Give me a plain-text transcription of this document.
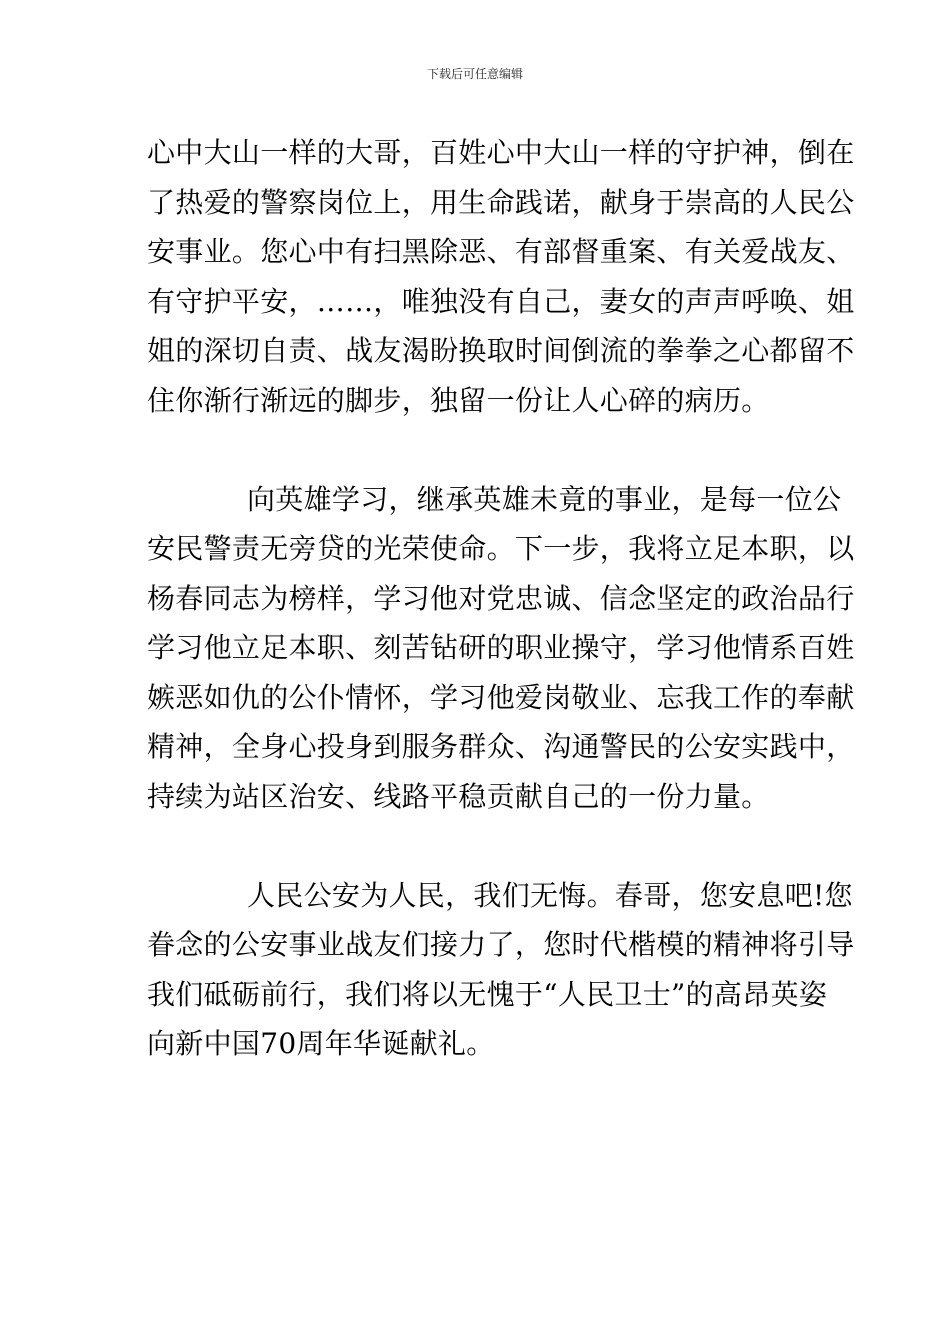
下载后可任意编辑
心中大山一样的大哥，百姓心中大山一样的守护神，倒在
了热爱的警察岗位上，用生命践诺，献身于崇高的人民公
安事业。您心中有扫黑除恶、有部督重案、有关爱战友、
有守护平安，……，唯独没有自己，妻女的声声呼唤、姐
姐的深切自责、战友渴盼换取时间倒流的拳拳之心都留不
住你渐行渐远的脚步，独留一份让人心碎的病历。
向英雄学习，继承英雄未竟的事业，是每一位公
安民警责无旁贷的光荣使命。下一步，我将立足本职，以
杨春同志为榜样，学习他对党忠诚、信念坚定的政治品行
学习他立足本职、刻苦钻研的职业操守，学习他情系百姓
嫉恶如仇的公仆情怀，学习他爱岗敬业、忘我工作的奉献
精神，全身心投身到服务群众、沟通警民的公安实践中，
持续为站区治安、线路平稳贡献自己的一份力量。
人民公安为人民，我们无悔。春哥，您安息吧!您
眷念的公安事业战友们接力了，您时代楷模的精神将引导
我们砥砺前行，我们将以无愧于“人民卫士”的高昂英姿
向新中国70周年华诞献礼。
